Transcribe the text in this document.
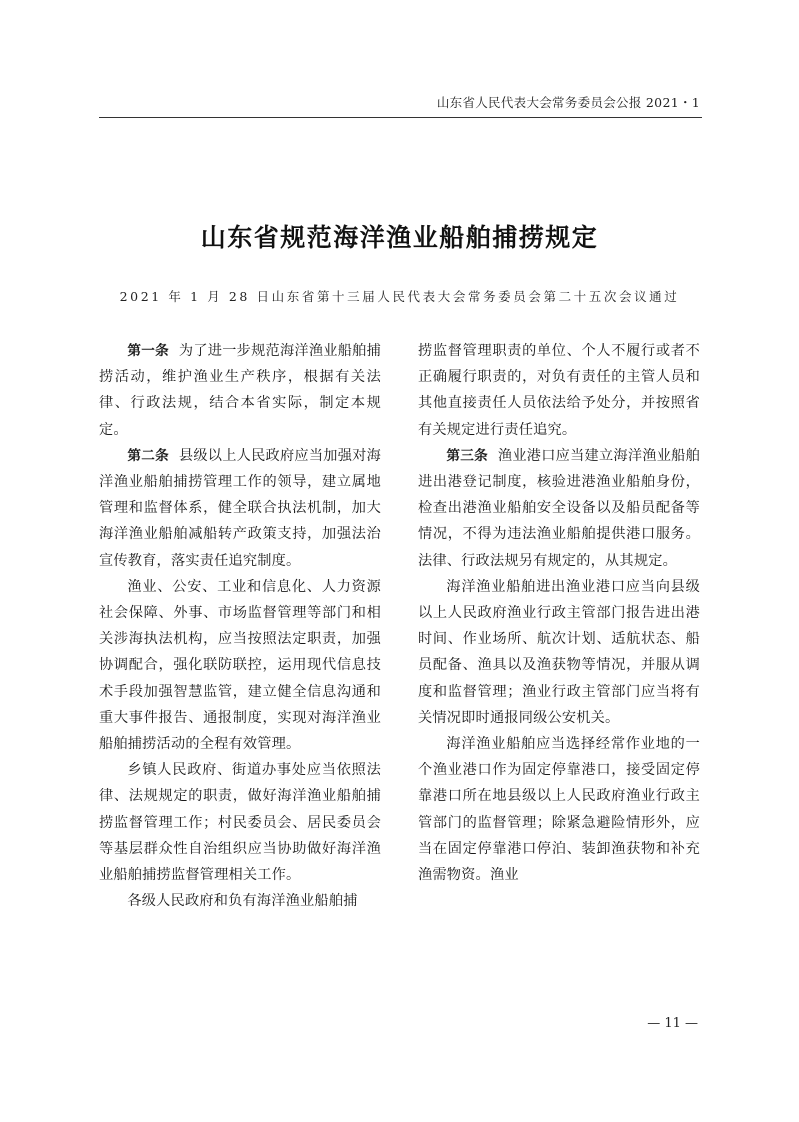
山东省人民代表大会常务委员会公报 2021・1
山东省规范海洋渔业船舶捕捞规定
2021 年 1 月 28 日山东省第十三届人民代表大会常务委员会第二十五次会议通过

第一条 为了进一步规范海洋渔业船舶捕捞活动，维护渔业生产秩序，根据有关法律、行政法规，结合本省实际，制定本规定。

第二条 县级以上人民政府应当加强对海洋渔业船舶捕捞管理工作的领导，建立属地管理和监督体系，健全联合执法机制，加大海洋渔业船舶减船转产政策支持，加强法治宣传教育，落实责任追究制度。

渔业、公安、工业和信息化、人力资源社会保障、外事、市场监督管理等部门和相关涉海执法机构，应当按照法定职责，加强协调配合，强化联防联控，运用现代信息技术手段加强智慧监管，建立健全信息沟通和重大事件报告、通报制度，实现对海洋渔业船舶捕捞活动的全程有效管理。

乡镇人民政府、街道办事处应当依照法律、法规规定的职责，做好海洋渔业船舶捕捞监督管理工作；村民委员会、居民委员会等基层群众性自治组织应当协助做好海洋渔业船舶捕捞监督管理相关工作。

各级人民政府和负有海洋渔业船舶捕

捞监督管理职责的单位、个人不履行或者不正确履行职责的，对负有责任的主管人员和其他直接责任人员依法给予处分，并按照省有关规定进行责任追究。

第三条 渔业港口应当建立海洋渔业船舶进出港登记制度，核验进港渔业船舶身份，检查出港渔业船舶安全设备以及船员配备等情况，不得为违法渔业船舶提供港口服务。法律、行政法规另有规定的，从其规定。

海洋渔业船舶进出渔业港口应当向县级以上人民政府渔业行政主管部门报告进出港时间、作业场所、航次计划、适航状态、船员配备、渔具以及渔获物等情况，并服从调度和监督管理；渔业行政主管部门应当将有关情况即时通报同级公安机关。

海洋渔业船舶应当选择经常作业地的一个渔业港口作为固定停靠港口，接受固定停靠港口所在地县级以上人民政府渔业行政主管部门的监督管理；除紧急避险情形外，应当在固定停靠港口停泊、装卸渔获物和补充渔需物资。渔业

— 11 —
